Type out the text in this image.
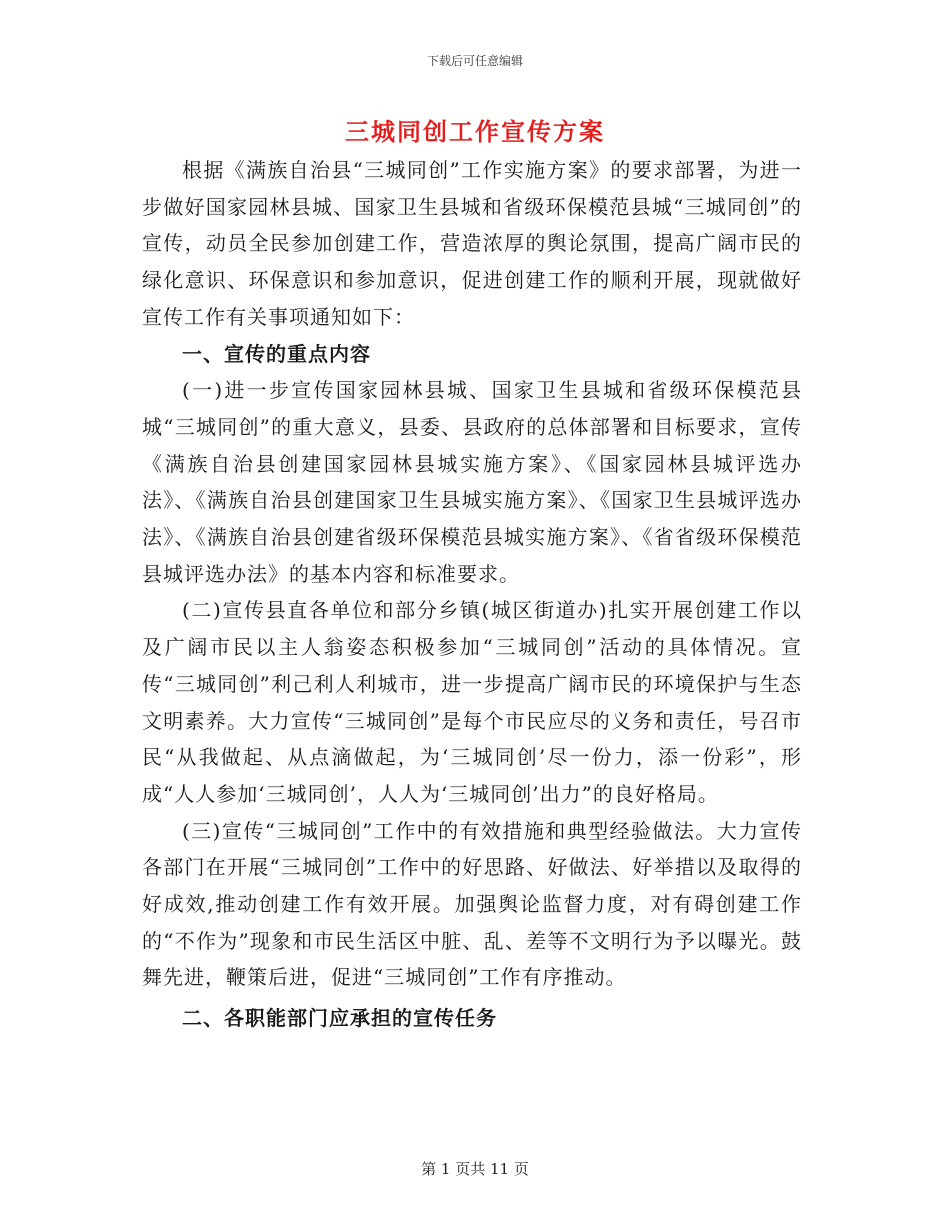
下载后可任意编辑
三城同创工作宣传方案

根据《满族自治县“三城同创”工作实施方案》的要求部署，为进一步做好国家园林县城、国家卫生县城和省级环保模范县城“三城同创”的宣传，动员全民参加创建工作，营造浓厚的舆论氛围，提高广阔市民的绿化意识、环保意识和参加意识，促进创建工作的顺利开展，现就做好宣传工作有关事项通知如下：

一、宣传的重点内容

(一)进一步宣传国家园林县城、国家卫生县城和省级环保模范县城“三城同创”的重大意义，县委、县政府的总体部署和目标要求，宣传《满族自治县创建国家园林县城实施方案》、《国家园林县城评选办法》、《满族自治县创建国家卫生县城实施方案》、《国家卫生县城评选办法》、《满族自治县创建省级环保模范县城实施方案》、《省省级环保模范县城评选办法》的基本内容和标准要求。

(二)宣传县直各单位和部分乡镇(城区街道办)扎实开展创建工作以及广阔市民以主人翁姿态积极参加“三城同创”活动的具体情况。宣传“三城同创”利己利人利城市，进一步提高广阔市民的环境保护与生态文明素养。大力宣传“三城同创”是每个市民应尽的义务和责任，号召市民“从我做起、从点滴做起，为‘三城同创’尽一份力，添一份彩”，形成“人人参加‘三城同创’，人人为‘三城同创’出力”的良好格局。

(三)宣传“三城同创”工作中的有效措施和典型经验做法。大力宣传各部门在开展“三城同创”工作中的好思路、好做法、好举措以及取得的好成效,推动创建工作有效开展。加强舆论监督力度，对有碍创建工作的“不作为”现象和市民生活区中脏、乱、差等不文明行为予以曝光。鼓舞先进，鞭策后进，促进“三城同创”工作有序推动。

二、各职能部门应承担的宣传任务

第 1 页共 11 页
